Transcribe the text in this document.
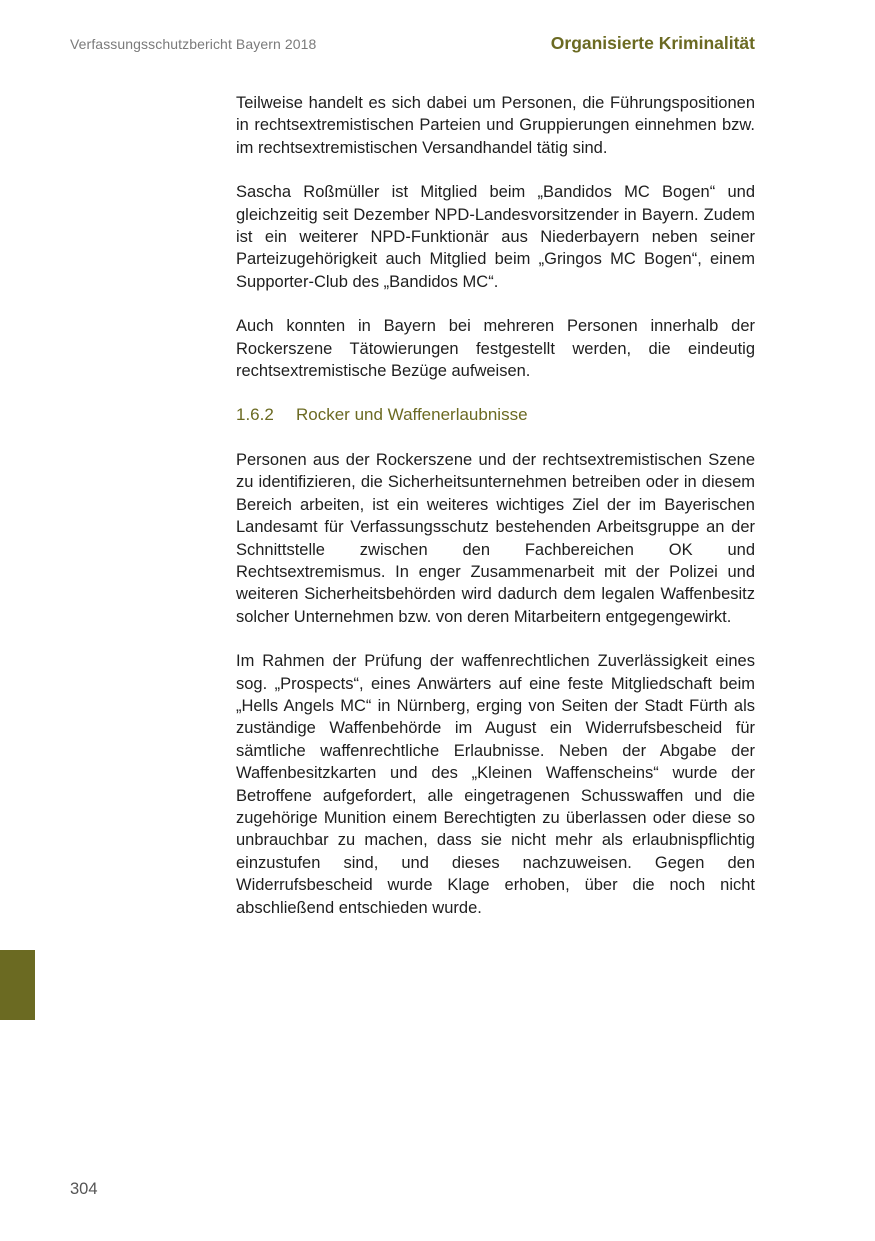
Verfassungsschutzbericht Bayern 2018	Organisierte Kriminalität

Teilweise handelt es sich dabei um Personen, die Führungspositionen in rechtsextremistischen Parteien und Gruppierungen einnehmen bzw. im rechtsextremistischen Versandhandel tätig sind.

Sascha Roßmüller ist Mitglied beim „Bandidos MC Bogen“ und gleichzeitig seit Dezember NPD-Landesvorsitzender in Bayern. Zudem ist ein weiterer NPD-Funktionär aus Niederbayern neben seiner Parteizugehörigkeit auch Mitglied beim „Gringos MC Bogen“, einem Supporter-Club des „Bandidos MC“.

Auch konnten in Bayern bei mehreren Personen innerhalb der Rockerszene Tätowierungen festgestellt werden, die eindeutig rechtsextremistische Bezüge aufweisen.

1.6.2 Rocker und Waffenerlaubnisse

Personen aus der Rockerszene und der rechtsextremistischen Szene zu identifizieren, die Sicherheitsunternehmen betreiben oder in diesem Bereich arbeiten, ist ein weiteres wichtiges Ziel der im Bayerischen Landesamt für Verfassungsschutz bestehenden Arbeitsgruppe an der Schnittstelle zwischen den Fachbereichen OK und Rechtsextremismus. In enger Zusammenarbeit mit der Polizei und weiteren Sicherheitsbehörden wird dadurch dem legalen Waffenbesitz solcher Unternehmen bzw. von deren Mitarbeitern entgegengewirkt.

Im Rahmen der Prüfung der waffenrechtlichen Zuverlässigkeit eines sog. „Prospects“, eines Anwärters auf eine feste Mitgliedschaft beim „Hells Angels MC“ in Nürnberg, erging von Seiten der Stadt Fürth als zuständige Waffenbehörde im August ein Widerrufsbescheid für sämtliche waffenrechtliche Erlaubnisse. Neben der Abgabe der Waffenbesitzkarten und des „Kleinen Waffenscheins“ wurde der Betroffene aufgefordert, alle eingetragenen Schusswaffen und die zugehörige Munition einem Berechtigten zu überlassen oder diese so unbrauchbar zu machen, dass sie nicht mehr als erlaubnispflichtig einzustufen sind, und dieses nachzuweisen. Gegen den Widerrufsbescheid wurde Klage erhoben, über die noch nicht abschließend entschieden wurde.

304
